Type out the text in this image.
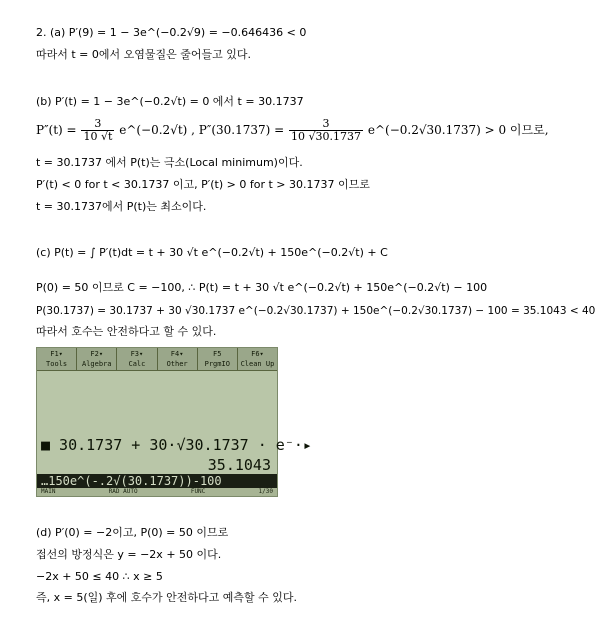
2. (a) P′(9) = 1 − 3e^(−0.2√9) = −0.646436 < 0
따라서 t = 0에서 오염물질은 줄어들고 있다.
(b) P′(t) = 1 − 3e^(−0.2√t) = 0 에서 t = 30.1737
$P''(t) = \frac{3}{10 √t}$ e^(−0.2√t) , $P''(30.1737) = \frac{3}{10 √30.1737}$ e^(−0.2√30.1737) > 0 이므로,
t = 30.1737 에서 P(t)는 극소(Local minimum)이다.
P′(t) < 0 for t < 30.1737 이고, P′(t) > 0 for t > 30.1737 이므로
t = 30.1737에서 P(t)는 최소이다.
(c) P(t) = ∫ P′(t)dt = t + 30 √t e^(−0.2√t) + 150e^(−0.2√t) + C
P(0) = 50 이므로 C = −100, ∴ P(t) = t + 30 √t e^(−0.2√t) + 150e^(−0.2√t) − 100
P(30.1737) = 30.1737 + 30 √30.1737 e^(−0.2√30.1737) + 150e^(−0.2√30.1737) − 100 = 35.1043 < 40
따라서 호수는 안전하다고 할 수 있다.
F1▾
Tools
F2▾
Algebra
F3▾
Calc
F4▾
Other
F5
PrgmIO
F6▾
Clean Up
■ 30.1737 + 30·√30.1737 · e⁻·▸
35.1043
…150e^(-.2√(30.1737))-100
MAIN	RAD AUTO	FUNC	1/30
(d) P′(0) = −2이고, P(0) = 50 이므로
접선의 방정식은 y = −2x + 50 이다.
−2x + 50 ≤ 40 ∴ x ≥ 5
즉, x = 5(일) 후에 호수가 안전하다고 예측할 수 있다.
